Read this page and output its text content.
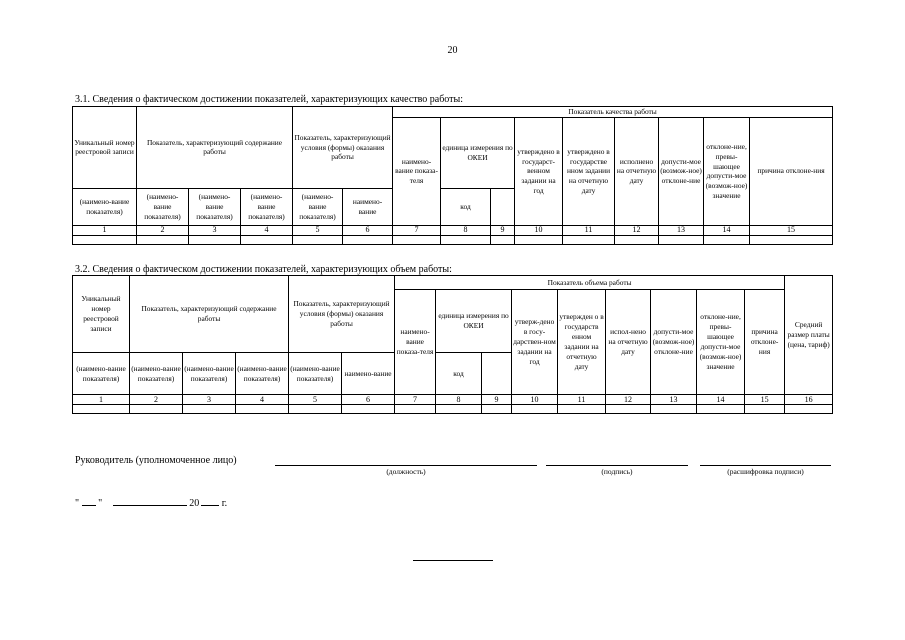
20
3.1. Сведения о фактическом достижении показателей, характеризующих качество работы:
Уникальный номер реестровой записи	Показатель, характеризующий содержание работы			Показатель, характеризующий условия (формы) оказания работы		Показатель качества работы								
						наимено-вание показа-теля	единица измерения по ОКЕИ		утверждено в государст-венном задании на год	утверждено в государстве нном задании на отчетную дату	исполнено на отчетную дату	допусти-мое (возмож-ное) отклоне-ние	отклоне-ние, превы-шающее допусти-мое (возмож-ное) значение	причина отклоне-ния
(наимено-вание показателя)	(наимено-вание показателя)	(наимено-вание показателя)	(наимено-вание показателя)	(наимено-вание показателя)	наимено-вание		код							
1	2	3	4	5	6	7	8	9	10	11	12	13	14	15

3.2. Сведения о фактическом достижении показателей, характеризующих объем работы:
Уникальный номер реестровой записи	Показатель, характеризующий содержание работы			Показатель, характеризующий условия (формы) оказания работы		Показатель объема работы									Средний размер платы (цена, тариф)
						наимено-вание показа-теля	единица измерения по ОКЕИ		утверж-дено в госу-дарствен-ном задании на год	утвержден о в государств енном задании на отчетную дату	испол-нено на отчетную дату	допусти-мое (возмож-ное) отклоне-ние	отклоне-ние, превы-шающее допусти-мое (возмож-ное) значение	причина отклоне-ния	
(наимено-вание показателя)	(наимено-вание показателя)	(наимено-вание показателя)	(наимено-вание показателя)	(наимено-вание показателя)	наимено-вание		код								
1	2	3	4	5	6	7	8	9	10	11	12	13	14	15	16

Руководитель (уполномоченное лицо)
(должность)	(подпись)	(расшифровка подписи)
" "	20 г.
